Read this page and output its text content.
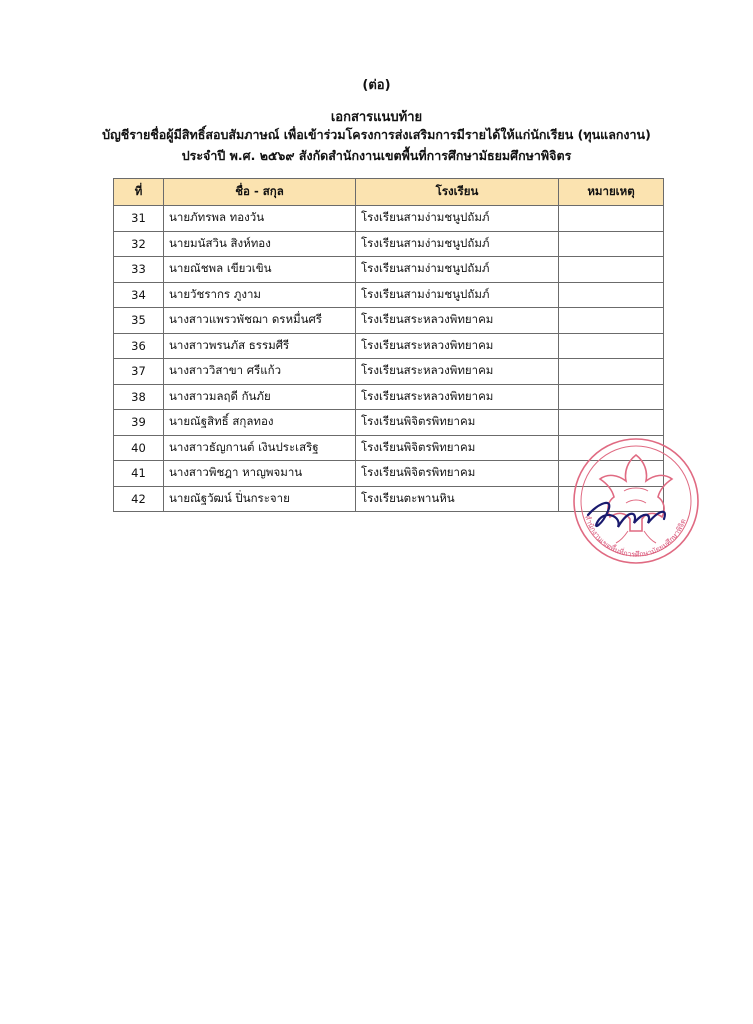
(ต่อ)
เอกสารแนบท้าย
บัญชีรายชื่อผู้มีสิทธิ์สอบสัมภาษณ์ เพื่อเข้าร่วมโครงการส่งเสริมการมีรายได้ให้แก่นักเรียน (ทุนแลกงาน)
ประจำปี พ.ศ. ๒๕๖๙ สังกัดสำนักงานเขตพื้นที่การศึกษามัธยมศึกษาพิจิตร
ที่	ชื่อ - สกุล	โรงเรียน	หมายเหตุ
31	นายภัทรพล ทองวัน	โรงเรียนสามง่ามชนูปถัมภ์	
32	นายมนัสวิน สิงห์ทอง	โรงเรียนสามง่ามชนูปถัมภ์	
33	นายณัชพล เขียวเขิน	โรงเรียนสามง่ามชนูปถัมภ์	
34	นายวัชรากร ภูงาม	โรงเรียนสามง่ามชนูปถัมภ์	
35	นางสาวแพรวพัชฌา ดรหมื่นศรี	โรงเรียนสระหลวงพิทยาคม	
36	นางสาวพรนภัส ธรรมศีรี	โรงเรียนสระหลวงพิทยาคม	
37	นางสาววิสาขา ศรีแก้ว	โรงเรียนสระหลวงพิทยาคม	
38	นางสาวมลฤดี กันภัย	โรงเรียนสระหลวงพิทยาคม	
39	นายณัฐสิทธิ์ สกุลทอง	โรงเรียนพิจิตรพิทยาคม	
40	นางสาวธัญกานต์ เงินประเสริฐ	โรงเรียนพิจิตรพิทยาคม	
41	นางสาวพิชฎา หาญพจมาน	โรงเรียนพิจิตรพิทยาคม	
42	นายณัฐวัฒน์ ปิ่นกระจาย	โรงเรียนตะพานหิน	
สำนักงานเขตพื้นที่การศึกษามัธยมศึกษาพิจิต
